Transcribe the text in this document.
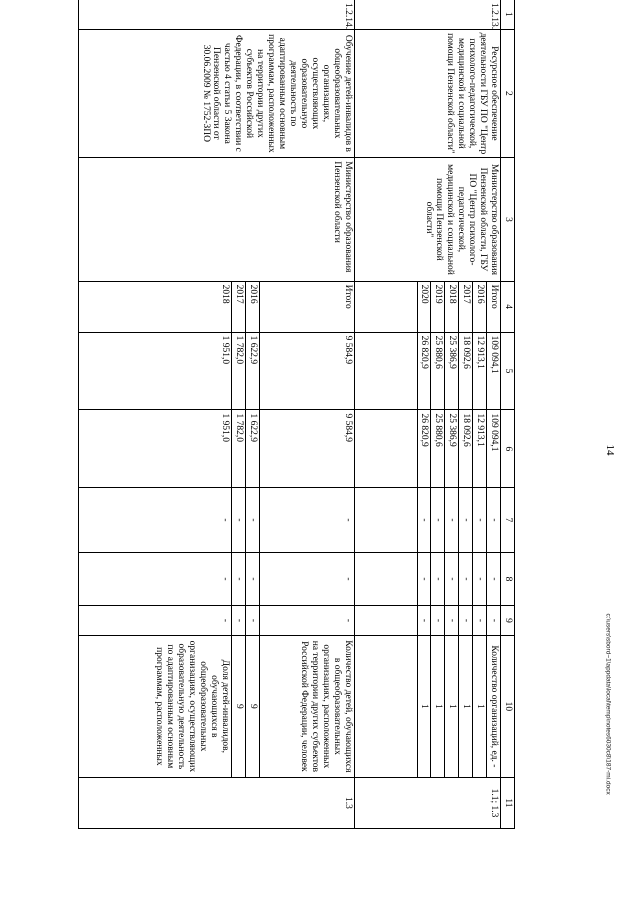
14
c:\users\sbord~1\appdata\local\temp\notes6030c8\187-mi.docx
1	2	3	4	5	6	7	8	9	10	11
1.2.13.	Ресурсное обеспечение деятельности ГБУ ПО "Центр психолого-педагогической, медицинской и социальной помощи Пензенской области"	Министерство образования Пензенской области, ГБУ ПО "Центр психолого-педагогической, медицинской и социальной помощи Пензенской области"	Итого	109 094,1	109 094,1	-	-	-	Количество организаций, ед. -	1.1; 1.3
			2016	12 913,1	12 913,1	-	-	-	1	
			2017	18 092,6	18 092,6	-	-	-	1	
			2018	25 386,9	25 386,9	-	-	-	1	
			2019	25 880,6	25 880,6	-	-	-	1	
			2020	26 820,9	26 820,9	-	-	-	1	

1.2.14.	Обучение детей-инвалидов в общеобразовательных организациях, осуществляющих образовательную деятельность по адаптированным основным программам, расположенных на территории других субъектов Российской Федерации, в соответствии с частью 4 статьи 5 Закона Пензенской области от 30.06.2009 № 1752-ЗПО	Министерство образования Пензенской области	Итого	9 584,9	9 584,9	-	-	-	Количество детей, обучающихся в общеобразовательных организациях, расположенных на территории других субъектов Российской Федерации, человек	1.3
			2016	1 622,9	1 622,9	-	-	-	9	
			2017	1 782,0	1 782,0	-	-	-	9	
			2018	1 951,0	1 951,0	-	-	-	Доля детей-инвалидов, обучающихся в общеобразовательных организациях, осуществляющих образовательную деятельность по адаптированным основным программам, расположенных	
